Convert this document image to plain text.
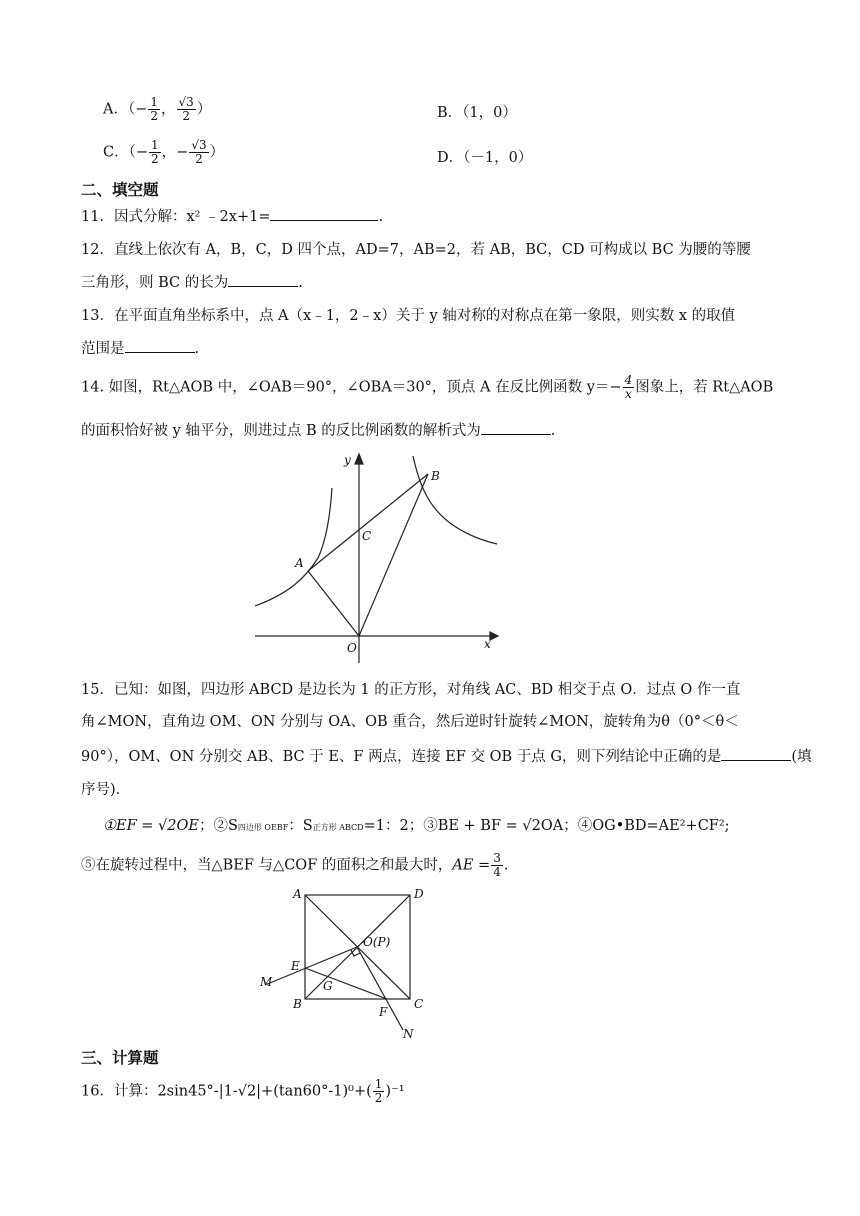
A．（− $\frac{1}{2}$ ， $\frac{√3}{2}$ ）	B．（1，0）
C．（− $\frac{1}{2}$ ，− $\frac{√3}{2}$ ）	D．（－1，0）
二、填空题
11．因式分解：x² ﹣2x+1=	.
12．直线上依次有 A，B，C，D 四个点，AD=7，AB=2，若 AB，BC，CD 可构成以 BC 为腰的等腰
三角形，则 BC 的长为	.
13．在平面直角坐标系中，点 A（x﹣1，2﹣x）关于 y 轴对称的对称点在第一象限，则实数 x 的取值
范围是	.
14. 如图，Rt△AOB 中，∠OAB＝90°，∠OBA＝30°，顶点 A 在反比例函数 $y=- \frac{4}{x}$ 图象上，若 Rt△AOB
的面积恰好被 y 轴平分，则进过点 B 的反比例函数的解析式为	.
y
x
O
A
B
C
15．已知：如图，四边形 ABCD 是边长为 1 的正方形，对角线 AC、BD 相交于点 O．过点 O 作一直
角∠MON，直角边 OM、ON 分别与 OA、OB 重合，然后逆时针旋转∠MON，旋转角为θ（0°＜θ＜
90°），OM、ON 分别交 AB、BC 于 E、F 两点，连接 EF 交 OB 于点 G，则下列结论中正确的是	(填
序号)．
①EF = √2OE；②S四边形 OEBF：S正方形 ABCD=1：2；③BE + BF = √2OA；④OG•BD=AE²+CF²;
⑤在旋转过程中，当△BEF 与△COF 的面积之和最大时，AE = $\frac{3}{4}$ .
A	D
B	C
E
F
G
M
N
O(P)
三、计算题
16．计算：$2\sin 45^\circ-|1-√2|+(\tan 60^\circ-1)^0+( \frac{1}{2} )^{-1}$
